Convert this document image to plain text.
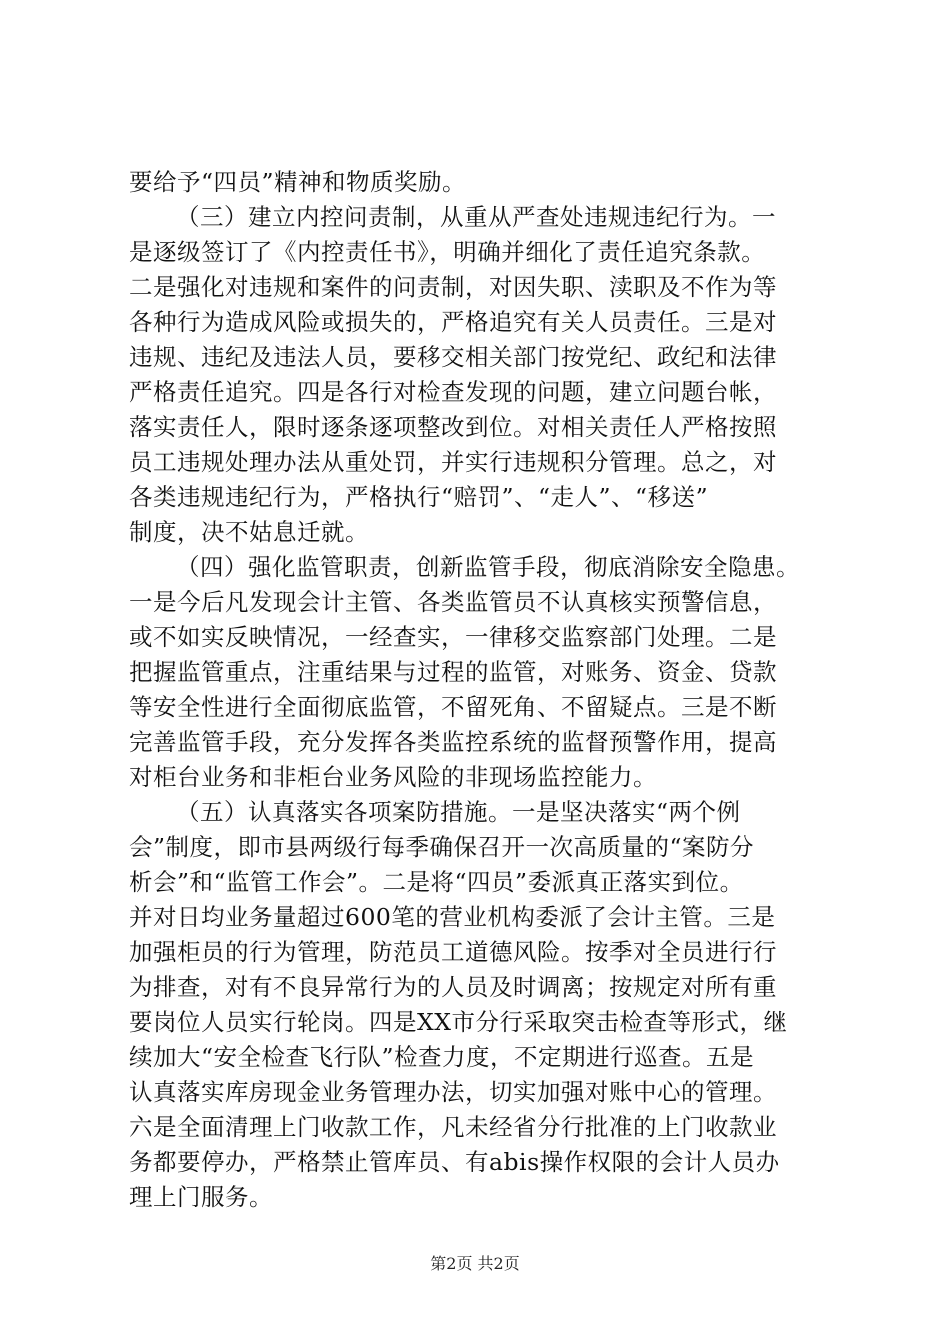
要给予“四员”精神和物质奖励。
（三）建立内控问责制，从重从严查处违规违纪行为。一
是逐级签订了《内控责任书》，明确并细化了责任追究条款。
二是强化对违规和案件的问责制，对因失职、渎职及不作为等
各种行为造成风险或损失的，严格追究有关人员责任。三是对
违规、违纪及违法人员，要移交相关部门按党纪、政纪和法律
严格责任追究。四是各行对检查发现的问题，建立问题台帐，
落实责任人，限时逐条逐项整改到位。对相关责任人严格按照
员工违规处理办法从重处罚，并实行违规积分管理。总之，对
各类违规违纪行为，严格执行“赔罚”、“走人”、“移送”
制度，决不姑息迁就。
（四）强化监管职责，创新监管手段，彻底消除安全隐患。
一是今后凡发现会计主管、各类监管员不认真核实预警信息，
或不如实反映情况，一经查实，一律移交监察部门处理。二是
把握监管重点，注重结果与过程的监管，对账务、资金、贷款
等安全性进行全面彻底监管，不留死角、不留疑点。三是不断
完善监管手段，充分发挥各类监控系统的监督预警作用，提高
对柜台业务和非柜台业务风险的非现场监控能力。
（五）认真落实各项案防措施。一是坚决落实“两个例
会”制度，即市县两级行每季确保召开一次高质量的“案防分
析会”和“监管工作会”。二是将“四员”委派真正落实到位。
并对日均业务量超过600笔的营业机构委派了会计主管。三是
加强柜员的行为管理，防范员工道德风险。按季对全员进行行
为排查，对有不良异常行为的人员及时调离；按规定对所有重
要岗位人员实行轮岗。四是XX市分行采取突击检查等形式，继
续加大“安全检查飞行队”检查力度，不定期进行巡查。五是
认真落实库房现金业务管理办法，切实加强对账中心的管理。
六是全面清理上门收款工作，凡未经省分行批准的上门收款业
务都要停办，严格禁止管库员、有abis操作权限的会计人员办
理上门服务。
第2页 共2页
